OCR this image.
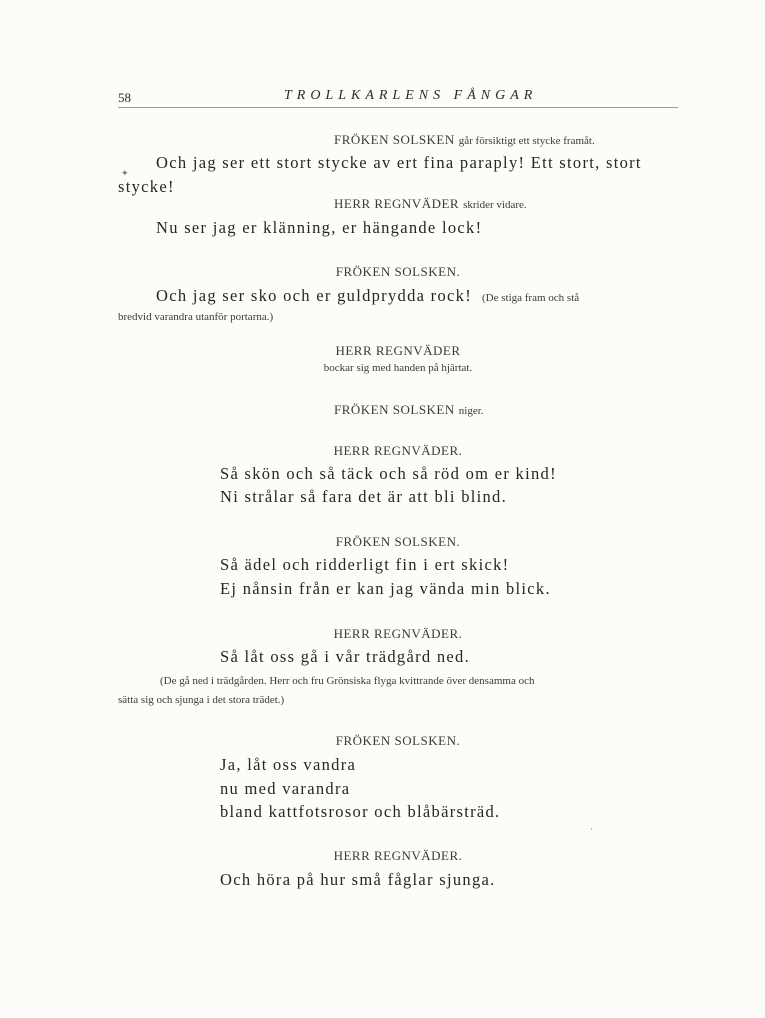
58	TROLLKARLENS FÅNGAR
FRÖKEN SOLSKEN går försiktigt ett stycke framåt.
✦
Och jag ser ett stort stycke av ert fina paraply! Ett stort, stort
stycke!
HERR REGNVÄDER skrider vidare.
Nu ser jag er klänning, er hängande lock!
FRÖKEN SOLSKEN.
Och jag ser sko och er guldprydda rock! (De stiga fram och stå
bredvid varandra utanför portarna.)
HERR REGNVÄDER
bockar sig med handen på hjärtat.
FRÖKEN SOLSKEN niger.
HERR REGNVÄDER.
Så skön och så täck och så röd om er kind!
Ni strålar så fara det är att bli blind.
FRÖKEN SOLSKEN.
Så ädel och ridderligt fin i ert skick!
Ej nånsin från er kan jag vända min blick.
HERR REGNVÄDER.
Så låt oss gå i vår trädgård ned.
(De gå ned i trädgården. Herr och fru Grönsiska flyga kvittrande över densamma och
sätta sig och sjunga i det stora trädet.)
FRÖKEN SOLSKEN.
Ja, låt oss vandra
nu med varandra
bland kattfotsrosor och blåbärsträd.
·
HERR REGNVÄDER.
Och höra på hur små fåglar sjunga.
